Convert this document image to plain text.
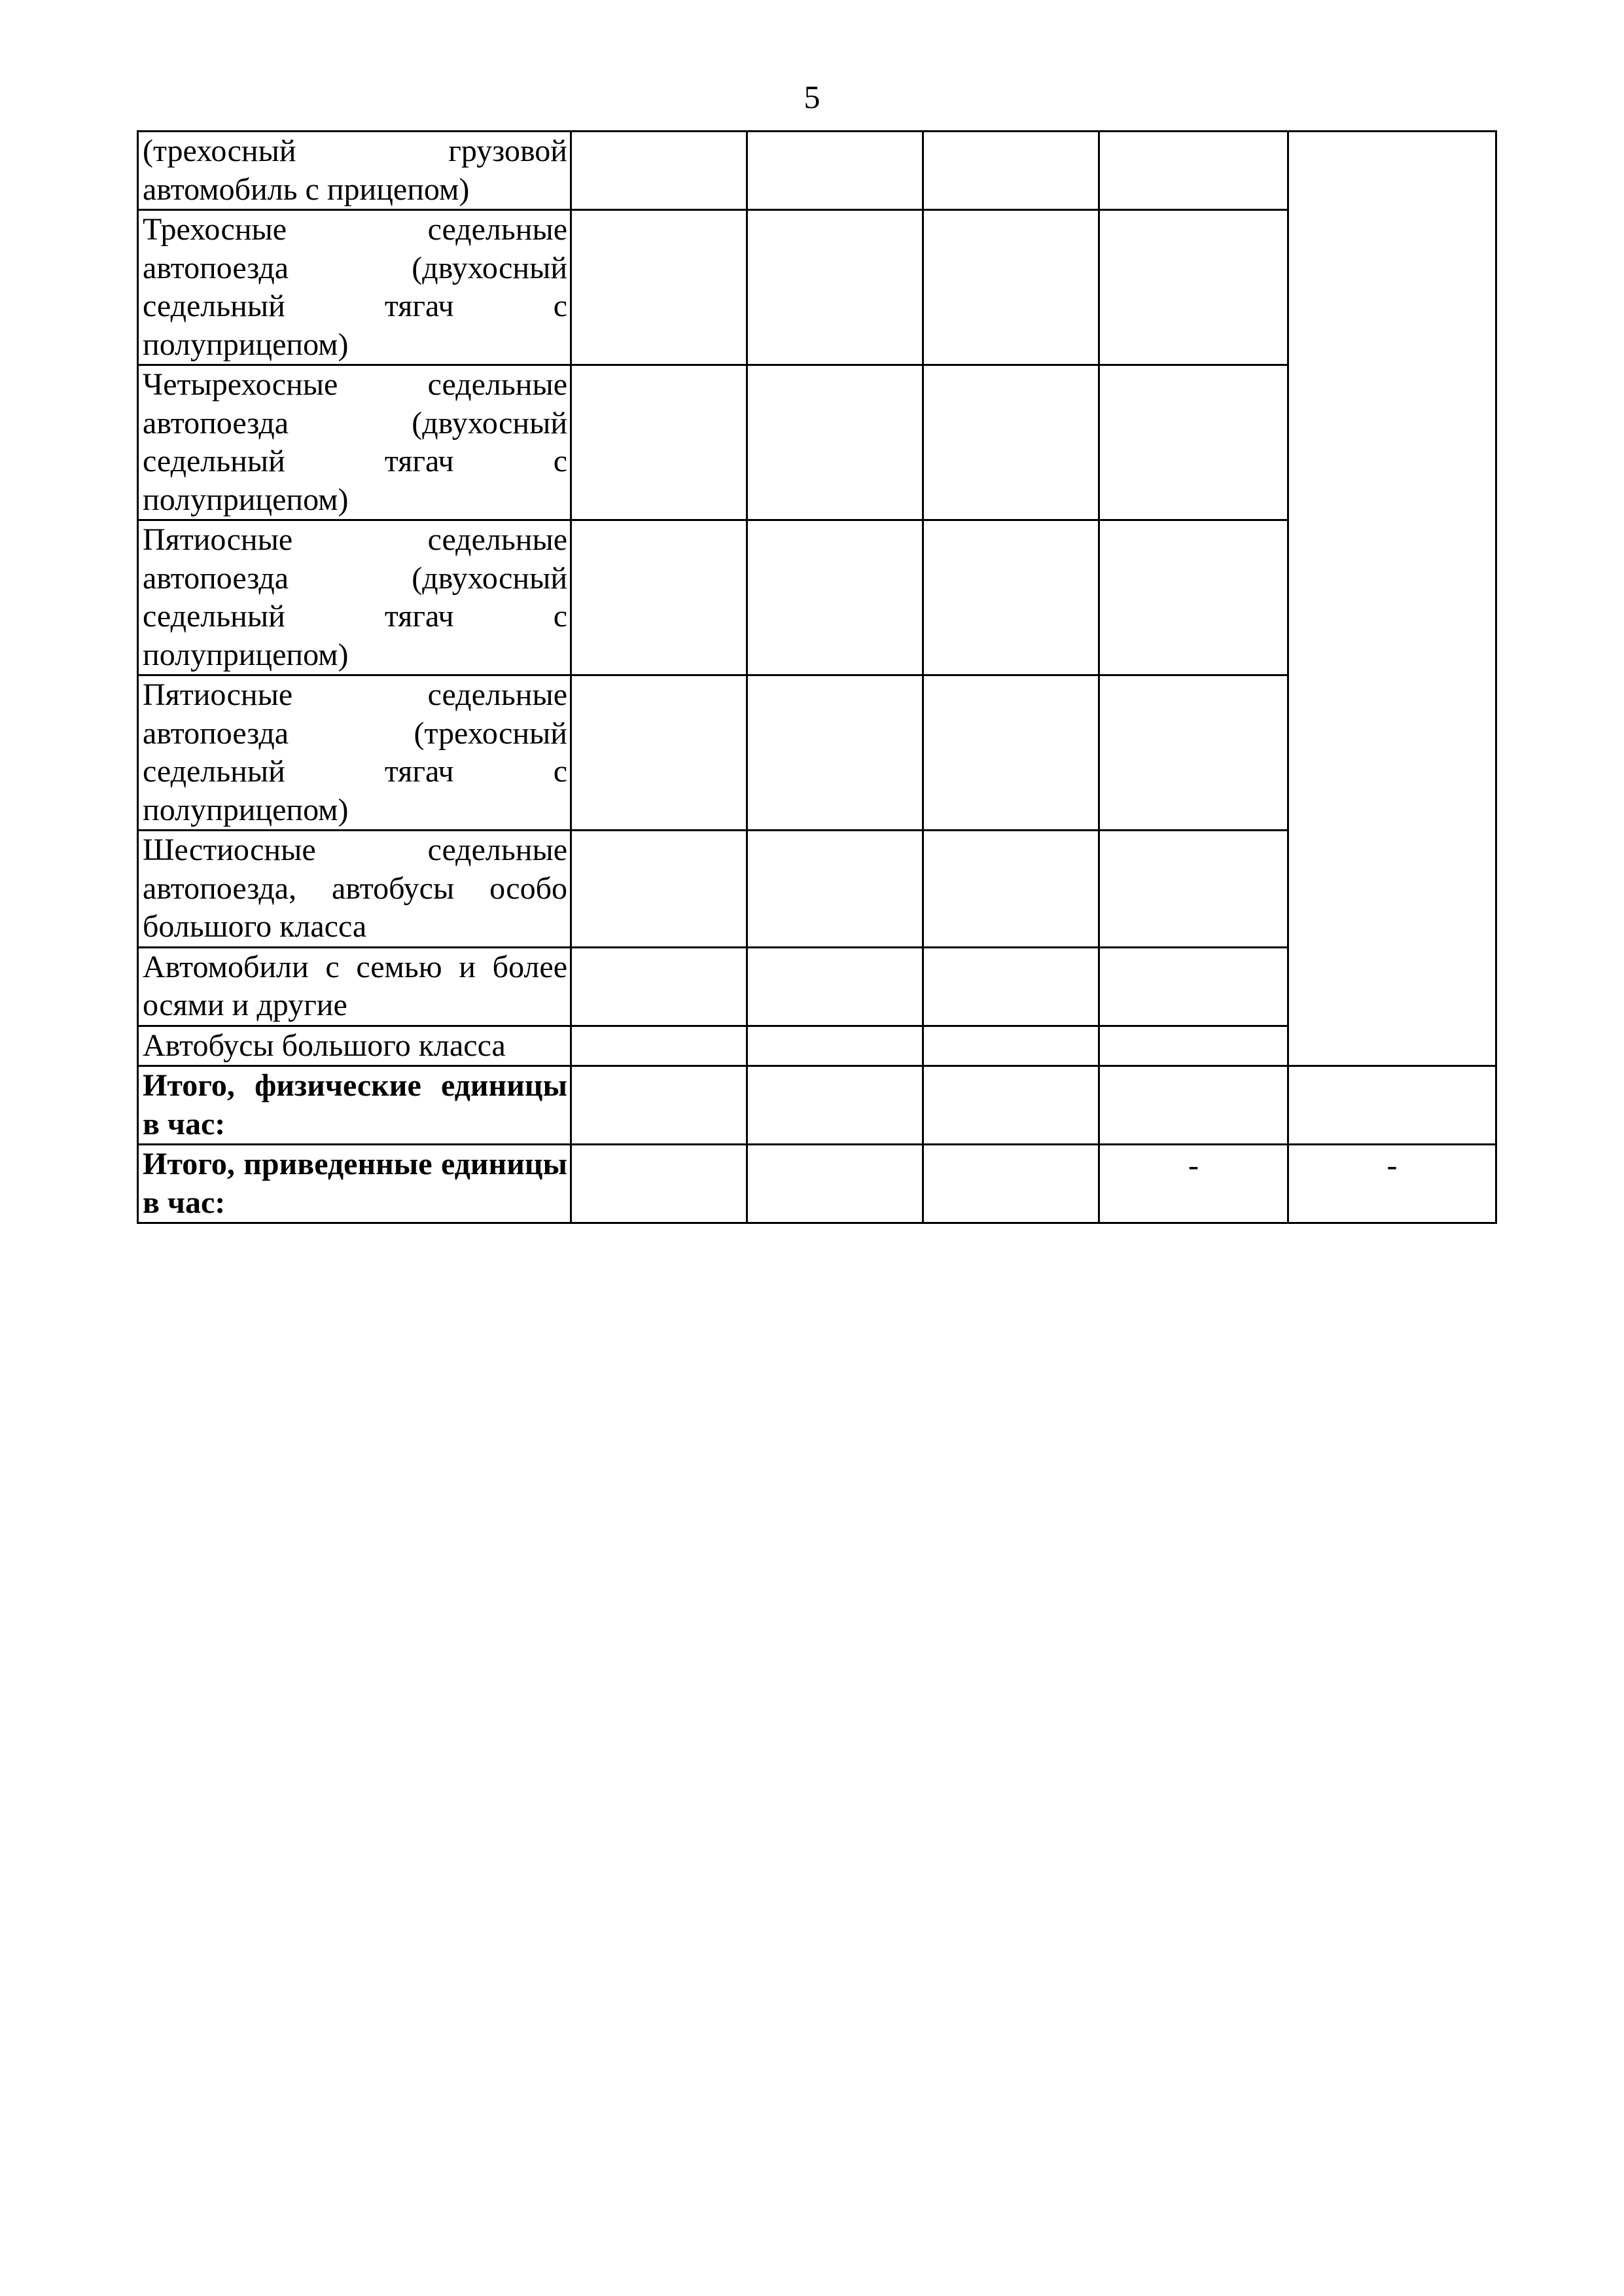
5
(трехосный грузовой автомобиль с прицепом)	

Трехосные седельные автопоезда (двухосный седельный тягач с полуприцепом)		

Четырехосные седельные автопоезда (двухосный седельный тягач с полуприцепом)		

Пятиосные седельные автопоезда (двухосный седельный тягач с полуприцепом)		

Пятиосные седельные автопоезда (трехосный седельный тягач с полуприцепом)		

Шестиосные седельные автопоезда, автобусы особо большого класса		

Автомобили с семью и более осями и другие		

Автобусы большого класса		

Итого, физические единицы в час:	

Итого, приведенные единицы в час:				-	-
